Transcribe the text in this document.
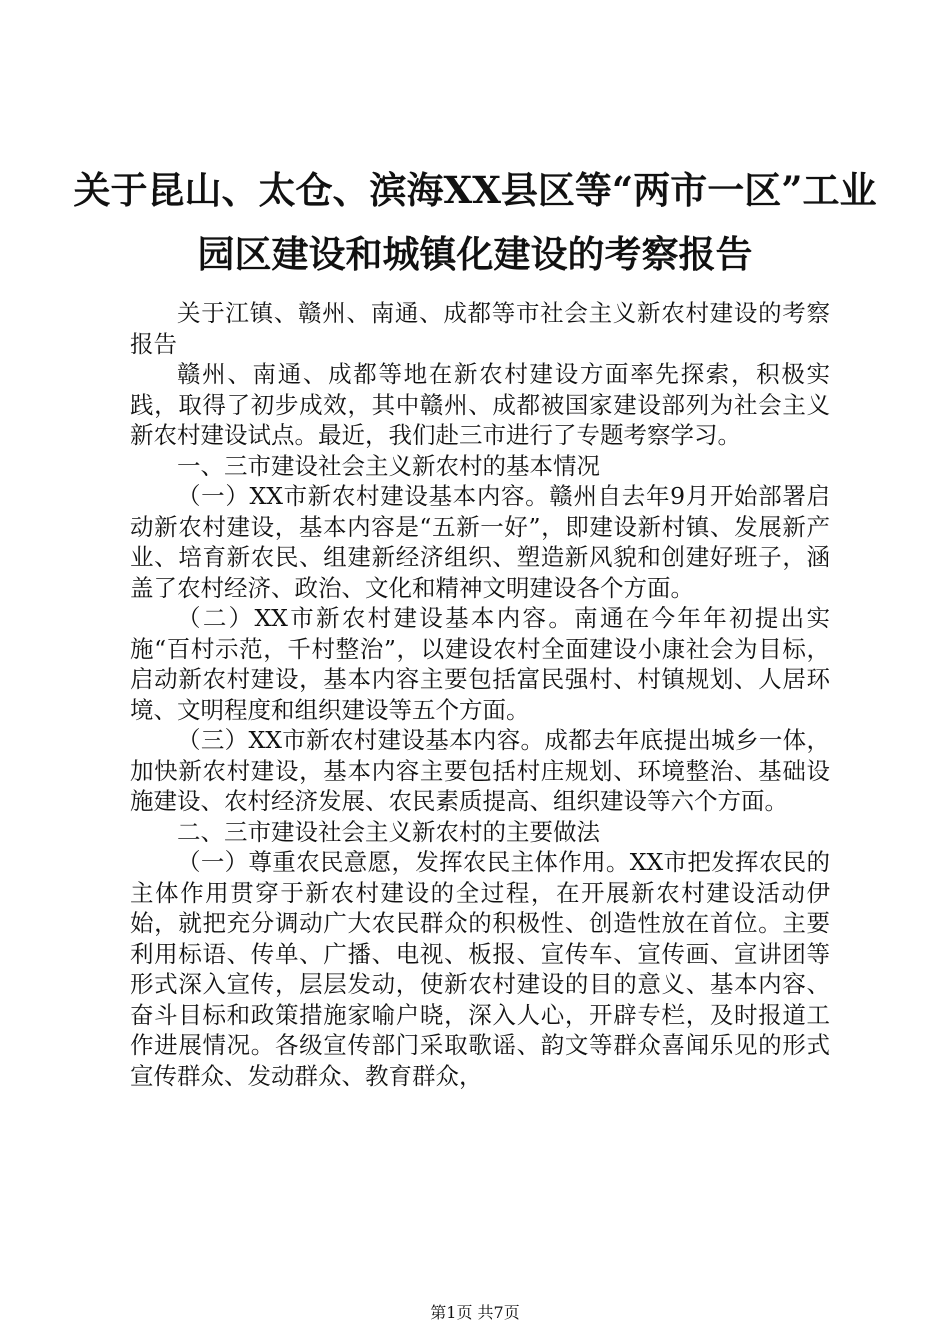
关于昆山、太仓、滨海XX县区等“两市一区”工业园区建设和城镇化建设的考察报告

关于江镇、赣州、南通、成都等市社会主义新农村建设的考察报告

赣州、南通、成都等地在新农村建设方面率先探索，积极实践，取得了初步成效，其中赣州、成都被国家建设部列为社会主义新农村建设试点。最近，我们赴三市进行了专题考察学习。

一、三市建设社会主义新农村的基本情况

（一）XX市新农村建设基本内容。赣州自去年9月开始部署启动新农村建设，基本内容是“五新一好”，即建设新村镇、发展新产业、培育新农民、组建新经济组织、塑造新风貌和创建好班子，涵盖了农村经济、政治、文化和精神文明建设各个方面。

（二）XX市新农村建设基本内容。南通在今年年初提出实施“百村示范，千村整治”，以建设农村全面建设小康社会为目标，启动新农村建设，基本内容主要包括富民强村、村镇规划、人居环境、文明程度和组织建设等五个方面。

（三）XX市新农村建设基本内容。成都去年底提出城乡一体，加快新农村建设，基本内容主要包括村庄规划、环境整治、基础设施建设、农村经济发展、农民素质提高、组织建设等六个方面。

二、三市建设社会主义新农村的主要做法

（一）尊重农民意愿，发挥农民主体作用。XX市把发挥农民的主体作用贯穿于新农村建设的全过程，在开展新农村建设活动伊始，就把充分调动广大农民群众的积极性、创造性放在首位。主要利用标语、传单、广播、电视、板报、宣传车、宣传画、宣讲团等形式深入宣传，层层发动，使新农村建设的目的意义、基本内容、奋斗目标和政策措施家喻户晓，深入人心，开辟专栏，及时报道工作进展情况。各级宣传部门采取歌谣、韵文等群众喜闻乐见的形式宣传群众、发动群众、教育群众，

第1页 共7页
